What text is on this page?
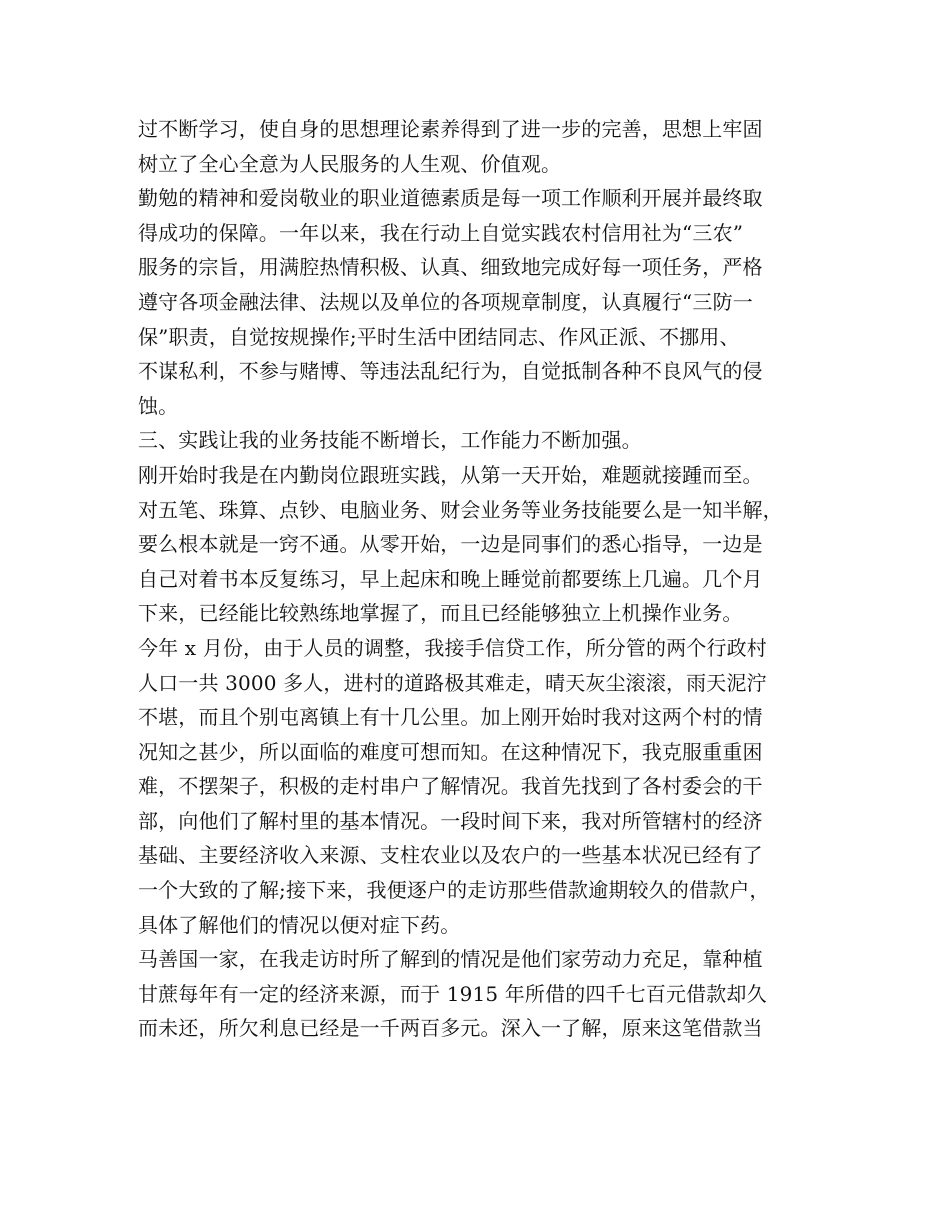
过不断学习，使自身的思想理论素养得到了进一步的完善，思想上牢固
树立了全心全意为人民服务的人生观、价值观。
勤勉的精神和爱岗敬业的职业道德素质是每一项工作顺利开展并最终取
得成功的保障。一年以来，我在行动上自觉实践农村信用社为“三农”
服务的宗旨，用满腔热情积极、认真、细致地完成好每一项任务，严格
遵守各项金融法律、法规以及单位的各项规章制度，认真履行“三防一
保”职责，自觉按规操作;平时生活中团结同志、作风正派、不挪用、
不谋私利，不参与赌博、等违法乱纪行为，自觉抵制各种不良风气的侵
蚀。
三、实践让我的业务技能不断增长，工作能力不断加强。
刚开始时我是在内勤岗位跟班实践，从第一天开始，难题就接踵而至。
对五笔、珠算、点钞、电脑业务、财会业务等业务技能要么是一知半解，
要么根本就是一窍不通。从零开始，一边是同事们的悉心指导，一边是
自己对着书本反复练习，早上起床和晚上睡觉前都要练上几遍。几个月
下来，已经能比较熟练地掌握了，而且已经能够独立上机操作业务。
今年 x 月份，由于人员的调整，我接手信贷工作，所分管的两个行政村
人口一共 3000 多人，进村的道路极其难走，晴天灰尘滚滚，雨天泥泞
不堪，而且个别屯离镇上有十几公里。加上刚开始时我对这两个村的情
况知之甚少，所以面临的难度可想而知。在这种情况下，我克服重重困
难，不摆架子，积极的走村串户了解情况。我首先找到了各村委会的干
部，向他们了解村里的基本情况。一段时间下来，我对所管辖村的经济
基础、主要经济收入来源、支柱农业以及农户的一些基本状况已经有了
一个大致的了解;接下来，我便逐户的走访那些借款逾期较久的借款户，
具体了解他们的情况以便对症下药。
马善国一家，在我走访时所了解到的情况是他们家劳动力充足，靠种植
甘蔗每年有一定的经济来源，而于 1915 年所借的四千七百元借款却久
而未还，所欠利息已经是一千两百多元。深入一了解，原来这笔借款当
